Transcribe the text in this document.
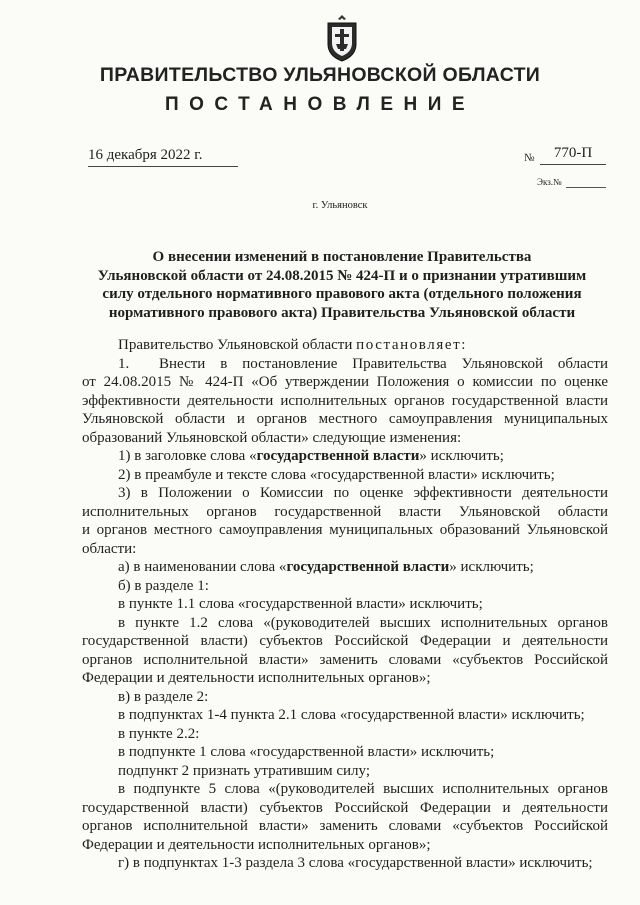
ПРАВИТЕЛЬСТВО УЛЬЯНОВСКОЙ ОБЛАСТИ
ПОСТАНОВЛЕНИЕ
16 декабря 2022 г.	№	770-П
Экз.№
г. Ульяновск
О внесении изменений в постановление Правительства
Ульяновской области от 24.08.2015 № 424-П и о признании утратившим
силу отдельного нормативного правового акта (отдельного положения
нормативного правового акта) Правительства Ульяновской области
Правительство Ульяновской области постановляет:
1.  Внести в постановление Правительства Ульяновской области
от 24.08.2015 № 424-П «Об утверждении Положения о комиссии по оценке
эффективности деятельности исполнительных органов государственной власти
Ульяновской области и органов местного самоуправления муниципальных
образований Ульяновской области» следующие изменения:
1) в заголовке слова «государственной власти» исключить;
2) в преамбуле и тексте слова «государственной власти» исключить;
3) в Положении о Комиссии по оценке эффективности деятельности
исполнительных органов государственной власти Ульяновской области
и органов местного самоуправления муниципальных образований Ульяновской
области:
а) в наименовании слова «государственной власти» исключить;
б) в разделе 1:
в пункте 1.1 слова «государственной власти» исключить;
в пункте 1.2 слова «(руководителей высших исполнительных органов
государственной власти) субъектов Российской Федерации и деятельности
органов исполнительной власти» заменить словами «субъектов Российской
Федерации и деятельности исполнительных органов»;
в) в разделе 2:
в подпунктах 1-4 пункта 2.1 слова «государственной власти» исключить;
в пункте 2.2:
в подпункте 1 слова «государственной власти» исключить;
подпункт 2 признать утратившим силу;
в подпункте 5 слова «(руководителей высших исполнительных органов
государственной власти) субъектов Российской Федерации и деятельности
органов исполнительной власти» заменить словами «субъектов Российской
Федерации и деятельности исполнительных органов»;
г) в подпунктах 1-3 раздела 3 слова «государственной власти» исключить;
